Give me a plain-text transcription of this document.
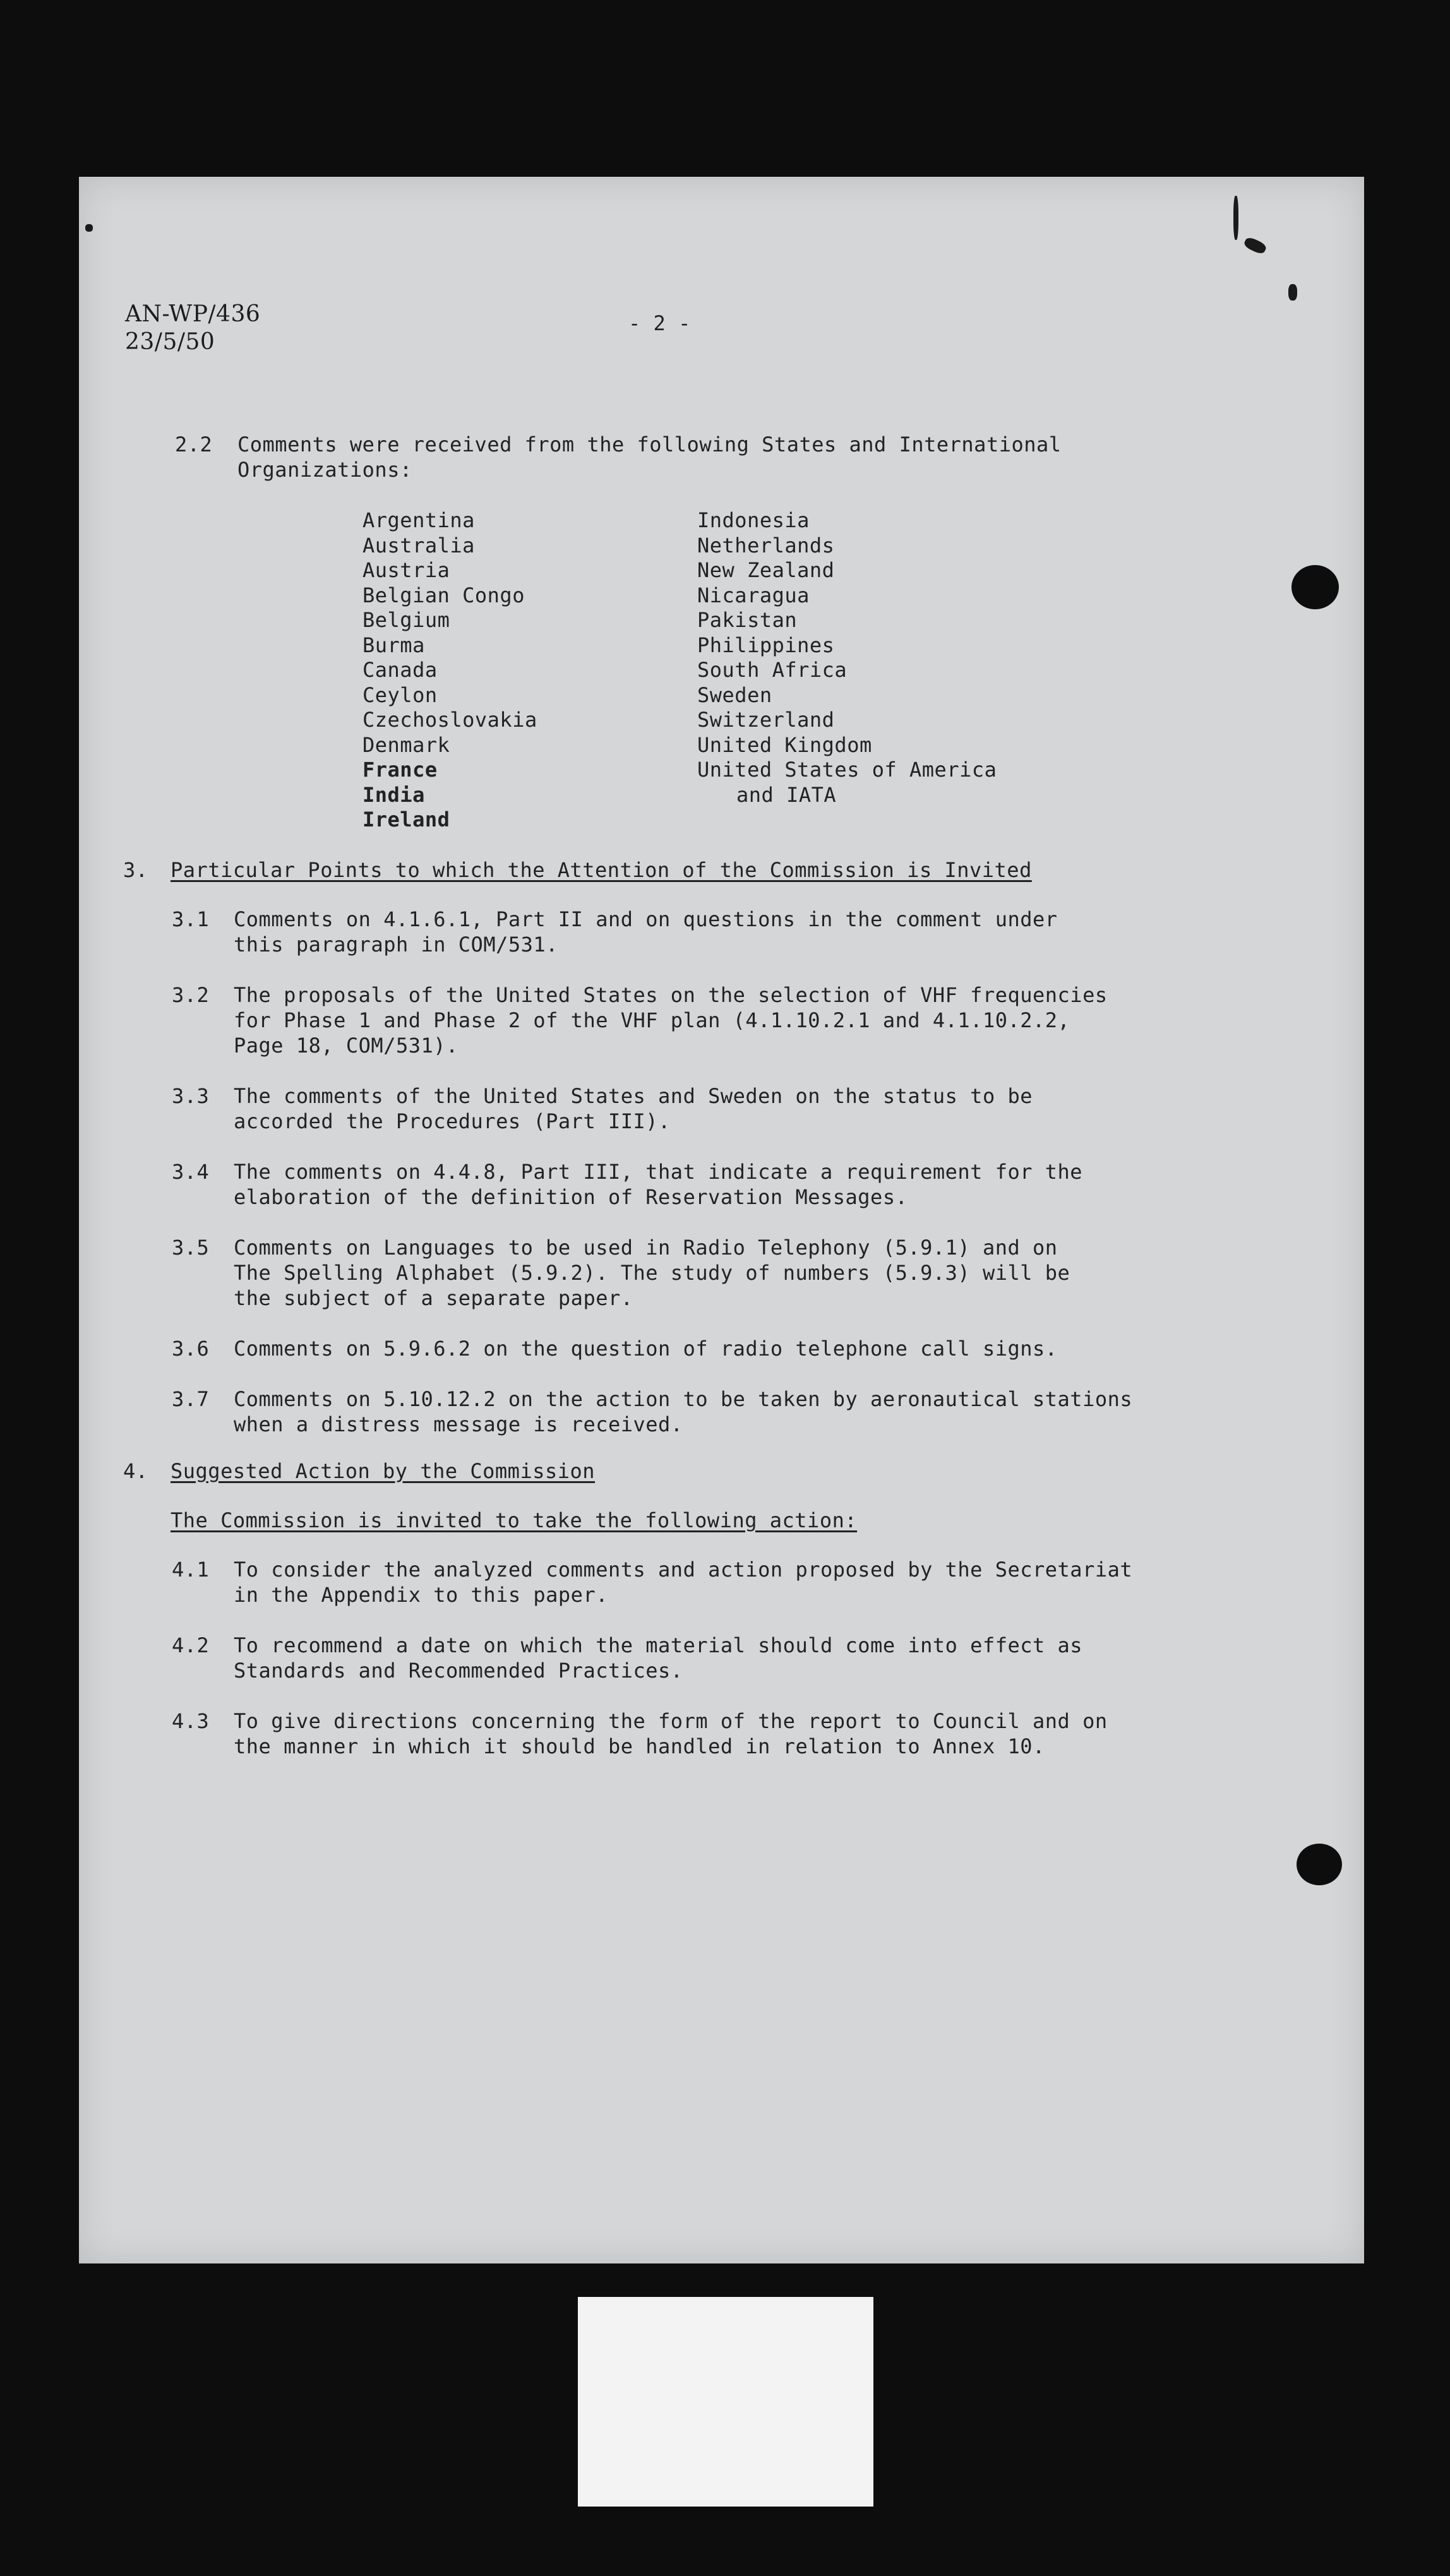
AN-WP/436
23/5/50
- 2 -
2.2 Comments were received from the following States and International
Organizations:
Argentina
Australia
Austria
Belgian Congo
Belgium
Burma
Canada
Ceylon
Czechoslovakia
Denmark
France
India
Ireland
Indonesia
Netherlands
New Zealand
Nicaragua
Pakistan
Philippines
South Africa
Sweden
Switzerland
United Kingdom
United States of America
and IATA
3. Particular Points to which the Attention of the Commission is Invited
3.1 Comments on 4.1.6.1, Part II and on questions in the comment under
this paragraph in COM/531.
3.2 The proposals of the United States on the selection of VHF frequencies
for Phase 1 and Phase 2 of the VHF plan (4.1.10.2.1 and 4.1.10.2.2,
Page 18, COM/531).
3.3 The comments of the United States and Sweden on the status to be
accorded the Procedures (Part III).
3.4 The comments on 4.4.8, Part III, that indicate a requirement for the
elaboration of the definition of Reservation Messages.
3.5 Comments on Languages to be used in Radio Telephony (5.9.1) and on
The Spelling Alphabet (5.9.2). The study of numbers (5.9.3) will be
the subject of a separate paper.
3.6 Comments on 5.9.6.2 on the question of radio telephone call signs.
3.7 Comments on 5.10.12.2 on the action to be taken by aeronautical stations
when a distress message is received.
4. Suggested Action by the Commission
The Commission is invited to take the following action:
4.1 To consider the analyzed comments and action proposed by the Secretariat
in the Appendix to this paper.
4.2 To recommend a date on which the material should come into effect as
Standards and Recommended Practices.
4.3 To give directions concerning the form of the report to Council and on
the manner in which it should be handled in relation to Annex 10.
